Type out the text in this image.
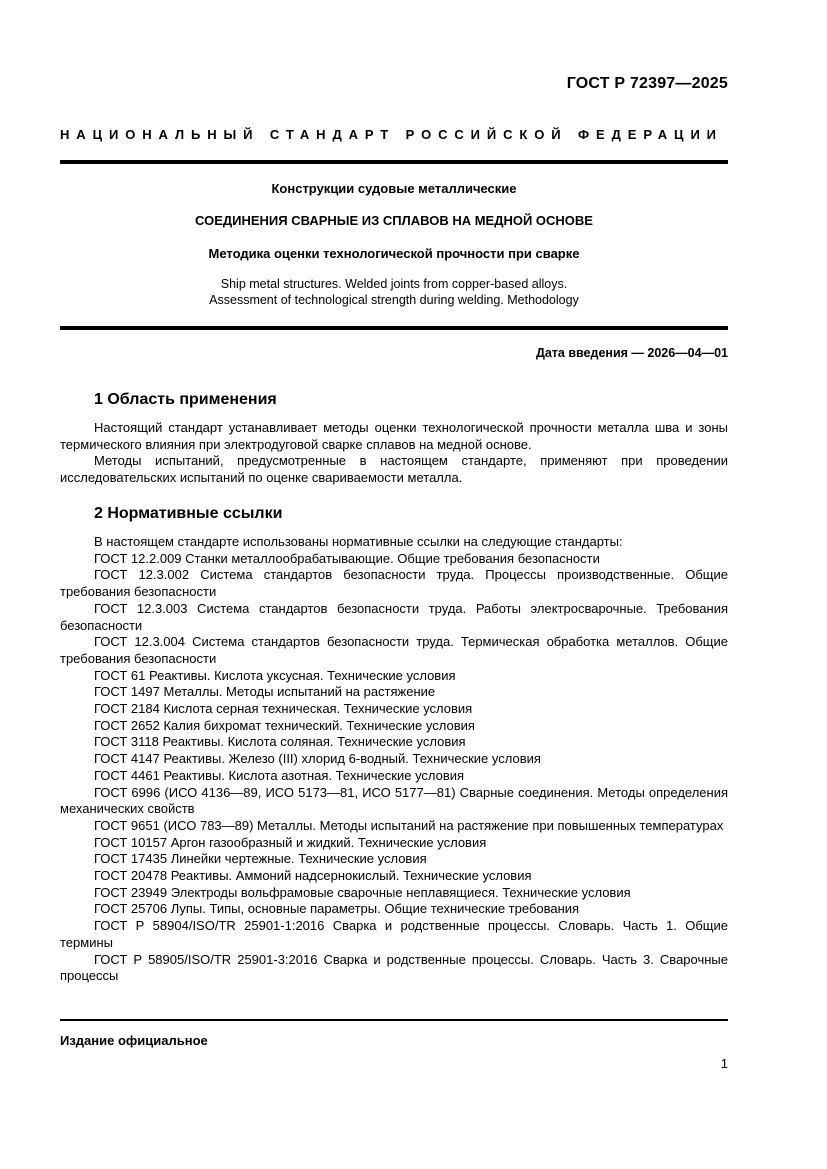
ГОСТ Р 72397—2025
НАЦИОНАЛЬНЫЙ СТАНДАРТ РОССИЙСКОЙ ФЕДЕРАЦИИ
Конструкции судовые металлические
СОЕДИНЕНИЯ СВАРНЫЕ ИЗ СПЛАВОВ НА МЕДНОЙ ОСНОВЕ
Методика оценки технологической прочности при сварке
Ship metal structures. Welded joints from copper-based alloys.
Assessment of technological strength during welding. Methodology
Дата введения — 2026—04—01
1 Область применения

Настоящий стандарт устанавливает методы оценки технологической прочности металла шва и зоны термического влияния при электродуговой сварке сплавов на медной основе.

Методы испытаний, предусмотренные в настоящем стандарте, применяют при проведении исследовательских испытаний по оценке свариваемости металла.

2 Нормативные ссылки

В настоящем стандарте использованы нормативные ссылки на следующие стандарты:

ГОСТ 12.2.009 Станки металлообрабатывающие. Общие требования безопасности

ГОСТ 12.3.002 Система стандартов безопасности труда. Процессы производственные. Общие требования безопасности

ГОСТ 12.3.003 Система стандартов безопасности труда. Работы электросварочные. Требования безопасности

ГОСТ 12.3.004 Система стандартов безопасности труда. Термическая обработка металлов. Общие требования безопасности

ГОСТ 61 Реактивы. Кислота уксусная. Технические условия

ГОСТ 1497 Металлы. Методы испытаний на растяжение

ГОСТ 2184 Кислота серная техническая. Технические условия

ГОСТ 2652 Калия бихромат технический. Технические условия

ГОСТ 3118 Реактивы. Кислота соляная. Технические условия

ГОСТ 4147 Реактивы. Железо (III) хлорид 6-водный. Технические условия

ГОСТ 4461 Реактивы. Кислота азотная. Технические условия

ГОСТ 6996 (ИСО 4136—89, ИСО 5173—81, ИСО 5177—81) Сварные соединения. Методы определения механических свойств

ГОСТ 9651 (ИСО 783—89) Металлы. Методы испытаний на растяжение при повышенных температурах

ГОСТ 10157 Аргон газообразный и жидкий. Технические условия

ГОСТ 17435 Линейки чертежные. Технические условия

ГОСТ 20478 Реактивы. Аммоний надсернокислый. Технические условия

ГОСТ 23949 Электроды вольфрамовые сварочные неплавящиеся. Технические условия

ГОСТ 25706 Лупы. Типы, основные параметры. Общие технические требования

ГОСТ Р 58904/ISO/TR 25901-1:2016 Сварка и родственные процессы. Словарь. Часть 1. Общие термины

ГОСТ Р 58905/ISO/TR 25901-3:2016 Сварка и родственные процессы. Словарь. Часть 3. Сварочные процессы

Издание официальное
1
